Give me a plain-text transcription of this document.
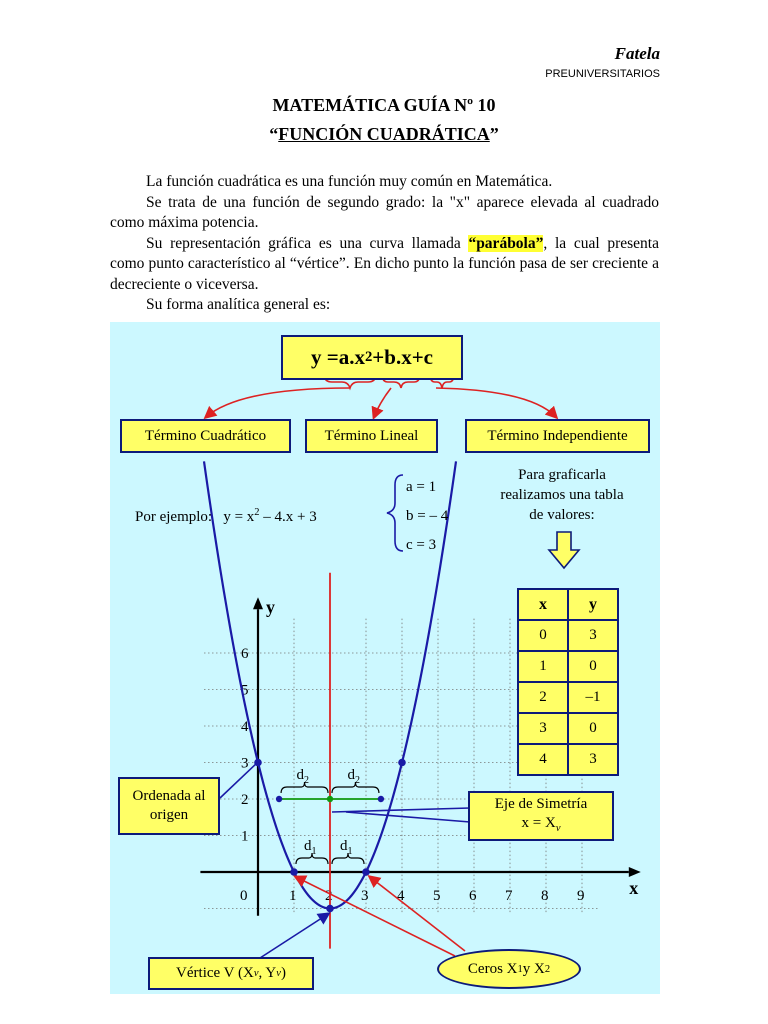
Fatela
PREUNIVERSITARIOS
MATEMÁTICA GUÍA Nº 10
“FUNCIÓN CUADRÁTICA”

La función cuadrática es una función muy común en Matemática.

Se trata de una función de segundo grado: la "x" aparece elevada al cuadrado como máxima potencia.

Su representación gráfica es una curva llamada “parábola”, la cual presenta como punto característico al “vértice”. En dicho punto la función pasa de ser creciente a decreciente o viceversa.

Su forma analítica general es:

x
y
0	1 2 3 4 5 6 7 8 9
1
2
3
4
5
6
$d_2$	$d_2$
$d_1$ $d_1$
y = a.x 2 + b.x + c
Término Cuadrático	Término Lineal	Término Independiente
Por ejemplo: $y = x^2 - 4.x + 3$
a = 1
b = – 4
c = 3
Para graficarla realizamos una tabla de valores:
x	y
0	3
1	0
2	–1
3	0
4	3
Ordenada al origen
Eje de Simetría
$x = X_v$
Vértice V (X v , Y v )	Ceros X 1 y X 2
